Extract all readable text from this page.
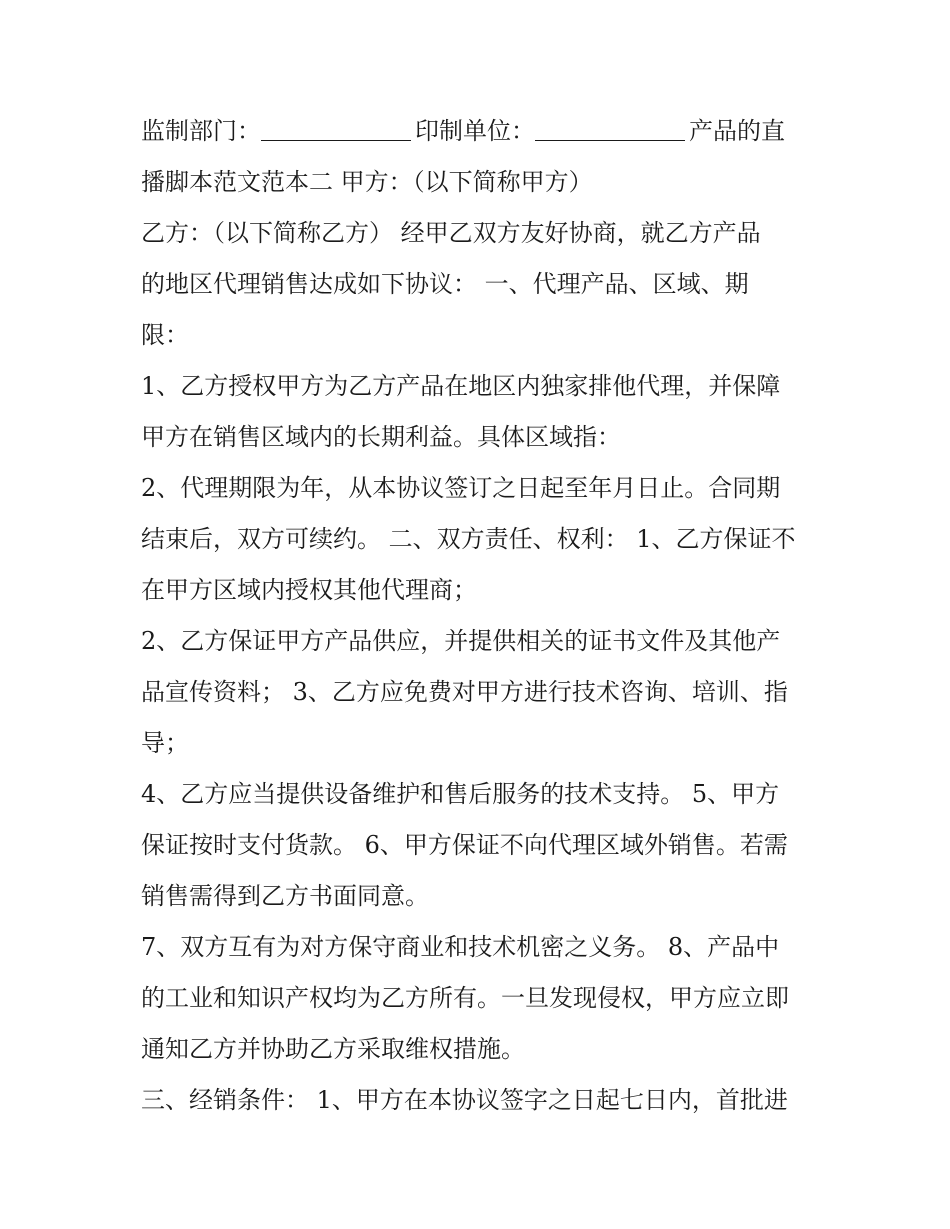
监制部门：	印制单位：	产品的直
播脚本范文范本二 甲方：（以下简称甲方）
乙方：（以下简称乙方） 经甲乙双方友好协商，就乙方产品
的地区代理销售达成如下协议： 一、代理产品、区域、期
限：
1、乙方授权甲方为乙方产品在地区内独家排他代理，并保障
甲方在销售区域内的长期利益。具体区域指：
2、代理期限为年，从本协议签订之日起至年月日止。合同期
结束后，双方可续约。 二、双方责任、权利： 1、乙方保证不
在甲方区域内授权其他代理商；
2、乙方保证甲方产品供应，并提供相关的证书文件及其他产
品宣传资料； 3、乙方应免费对甲方进行技术咨询、培训、指
导；
4、乙方应当提供设备维护和售后服务的技术支持。 5、甲方
保证按时支付货款。 6、甲方保证不向代理区域外销售。若需
销售需得到乙方书面同意。
7、双方互有为对方保守商业和技术机密之义务。 8、产品中
的工业和知识产权均为乙方所有。一旦发现侵权，甲方应立即
通知乙方并协助乙方采取维权措施。
三、经销条件： 1、甲方在本协议签字之日起七日内，首批进
